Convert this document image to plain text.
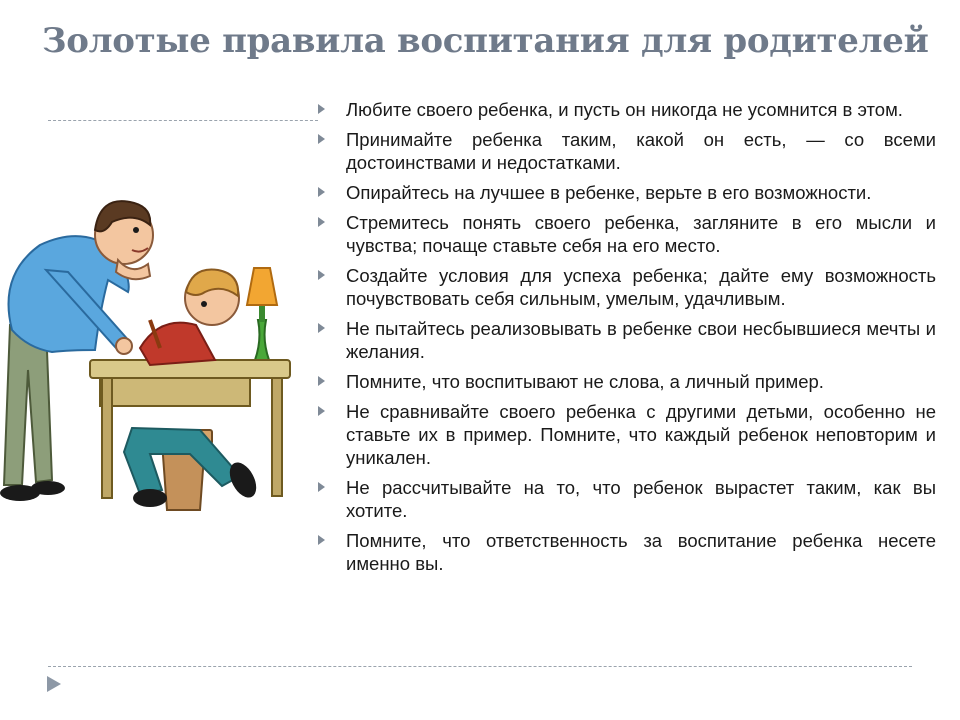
Золотые правила воспитания для родителей
Любите своего ребенка, и пусть он никогда не усомнится в этом.
Принимайте ребенка таким, какой он есть, — со всеми достоинствами и недостатками.
Опирайтесь на лучшее в ребенке, верьте в его возможности.
Стремитесь понять своего ребенка, загляните в его мысли и чувства; почаще ставьте себя на его место.
Создайте условия для успеха ребенка; дайте ему возможность почувствовать себя сильным, умелым, удачливым.
Не пытайтесь реализовывать в ребенке свои несбывшиеся мечты и желания.
Помните, что воспитывают не слова, а личный пример.
Не сравнивайте своего ребенка с другими детьми, особенно не ставьте их в пример. Помните, что каждый ребенок неповторим и уникален.
Не рассчитывайте на то, что ребенок вырастет таким, как вы хотите.
Помните, что ответственность за воспитание ребенка несете именно вы.
